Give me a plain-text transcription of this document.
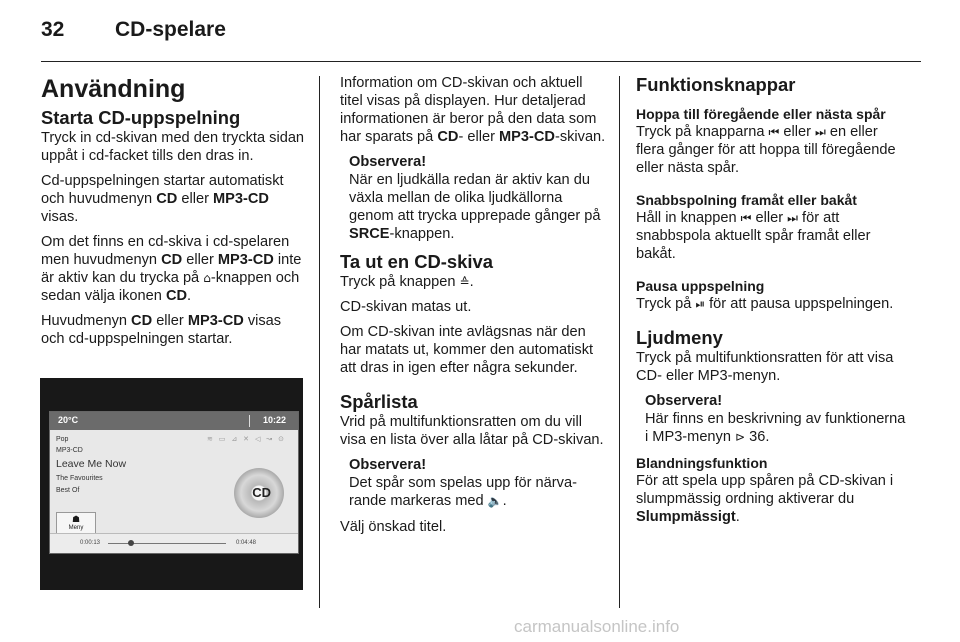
32 CD-spelare
Användning
Starta CD-uppspelning

Tryck in cd-skivan med den tryckta sidan uppåt i cd-facket tills den dras in.

Cd-uppspelningen startar automatiskt och huvudmenyn CD eller MP3-CD visas.

Om det finns en cd-skiva i cd-spelaren men huvudmenyn CD eller MP3-CD inte är aktiv kan du trycka på ⌂-knappen och sedan välja ikonen CD.

Huvudmenyn CD eller MP3-CD visas och cd-uppspelningen startar.

20°C	10:22
≋ ▭ ⊿ ✕ ◁ ↝ ⊙
Pop
MP3-CD
Leave Me Now
The Favourites
Best Of	CD
☗
Meny
0:00:13	0:04:48

Information om CD-skivan och aktuell titel visas på displayen. Hur detaljerad informationen är beror på den data som har sparats på CD- eller MP3-CD-skivan.

Observera!
När en ljudkälla redan är aktiv kan du växla mellan de olika ljudkällorna genom att trycka upprepade gånger på SRCE-knappen.
Ta ut en CD-skiva

Tryck på knappen ≙.

CD-skivan matas ut.

Om CD-skivan inte avlägsnas när den har matats ut, kommer den automatiskt att dras in igen efter några sekunder.

Spårlista

Vrid på multifunktionsratten om du vill visa en lista över alla låtar på CD-skivan.

Observera!
Det spår som spelas upp för närvarande markeras med 🔈.

Välj önskad titel.

Funktionsknappar
Hoppa till föregående eller nästa spår

Tryck på knapparna ⏮ eller ⏭ en eller flera gånger för att hoppa till föregående eller nästa spår.

Snabbspolning framåt eller bakåt

Håll in knappen ⏮ eller ⏭ för att snabbspola aktuellt spår framåt eller bakåt.

Pausa uppspelning

Tryck på ⏯ för att pausa uppspelningen.

Ljudmeny

Tryck på multifunktionsratten för att visa CD- eller MP3-menyn.

Observera!
Här finns en beskrivning av funktionerna i MP3-menyn ⊳ 36.
Blandningsfunktion

För att spela upp spåren på CD-skivan i slumpmässig ordning aktiverar du Slumpmässigt.

carmanualsonline.info
